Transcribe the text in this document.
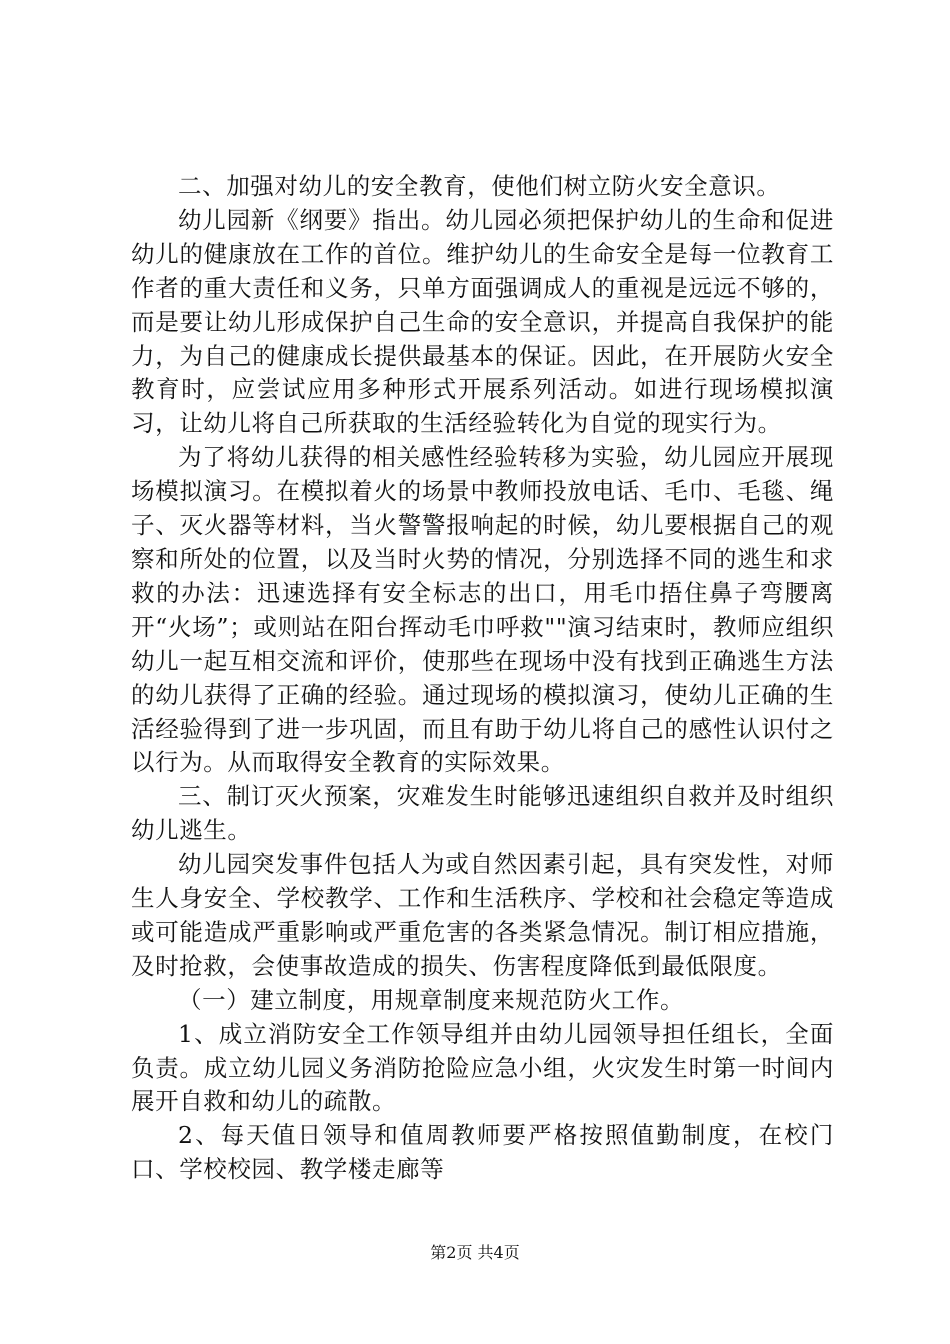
二、加强对幼儿的安全教育，使他们树立防火安全意识。

幼儿园新《纲要》指出。幼儿园必须把保护幼儿的生命和促进幼儿的健康放在工作的首位。维护幼儿的生命安全是每一位教育工作者的重大责任和义务，只单方面强调成人的重视是远远不够的，而是要让幼儿形成保护自己生命的安全意识，并提高自我保护的能力，为自己的健康成长提供最基本的保证。因此，在开展防火安全教育时，应尝试应用多种形式开展系列活动。如进行现场模拟演习，让幼儿将自己所获取的生活经验转化为自觉的现实行为。

为了将幼儿获得的相关感性经验转移为实验，幼儿园应开展现场模拟演习。在模拟着火的场景中教师投放电话、毛巾、毛毯、绳子、灭火器等材料，当火警警报响起的时候，幼儿要根据自己的观察和所处的位置，以及当时火势的情况，分别选择不同的逃生和求救的办法：迅速选择有安全标志的出口，用毛巾捂住鼻子弯腰离开“火场”；或则站在阳台挥动毛巾呼救""演习结束时，教师应组织幼儿一起互相交流和评价，使那些在现场中没有找到正确逃生方法的幼儿获得了正确的经验。通过现场的模拟演习，使幼儿正确的生活经验得到了进一步巩固，而且有助于幼儿将自己的感性认识付之以行为。从而取得安全教育的实际效果。

三、制订灭火预案，灾难发生时能够迅速组织自救并及时组织幼儿逃生。

幼儿园突发事件包括人为或自然因素引起，具有突发性，对师生人身安全、学校教学、工作和生活秩序、学校和社会稳定等造成或可能造成严重影响或严重危害的各类紧急情况。制订相应措施，及时抢救，会使事故造成的损失、伤害程度降低到最低限度。

（一）建立制度，用规章制度来规范防火工作。

1、成立消防安全工作领导组并由幼儿园领导担任组长，全面负责。成立幼儿园义务消防抢险应急小组，火灾发生时第一时间内展开自救和幼儿的疏散。

2、每天值日领导和值周教师要严格按照值勤制度，在校门口、学校校园、教学楼走廊等

第2页 共4页
